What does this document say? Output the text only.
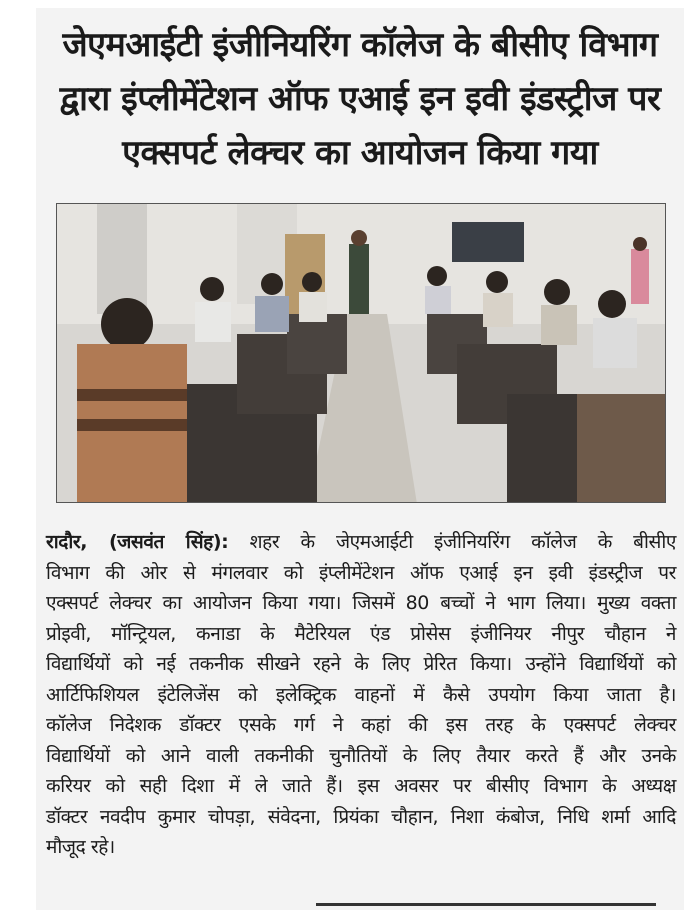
जेएमआईटी इंजीनियरिंग कॉलेज के बीसीए विभाग
द्वारा इंप्लीमेंटेशन ऑफ एआई इन इवी इंडस्ट्रीज पर
एक्सपर्ट लेक्चर का आयोजन किया गया
रादौर, (जसवंत सिंह): शहर के जेएमआईटी इंजीनियरिंग कॉलेज के बीसीए
विभाग की ओर से मंगलवार को इंप्लीमेंटेशन ऑफ एआई इन इवी इंडस्ट्रीज पर
एक्सपर्ट लेक्चर का आयोजन किया गया। जिसमें 80 बच्चों ने भाग लिया। मुख्य वक्ता
प्रोइवी, मॉन्ट्रियल, कनाडा के मैटेरियल एंड प्रोसेस इंजीनियर नीपुर चौहान ने
विद्यार्थियों को नई तकनीक सीखने रहने के लिए प्रेरित किया। उन्होंने विद्यार्थियों को
आर्टिफिशियल इंटेलिजेंस को इलेक्ट्रिक वाहनों में कैसे उपयोग किया जाता है।
कॉलेज निदेशक डॉक्टर एसके गर्ग ने कहां की इस तरह के एक्सपर्ट लेक्चर
विद्यार्थियों को आने वाली तकनीकी चुनौतियों के लिए तैयार करते हैं और उनके
करियर को सही दिशा में ले जाते हैं। इस अवसर पर बीसीए विभाग के अध्यक्ष
डॉक्टर नवदीप कुमार चोपड़ा, संवेदना, प्रियंका चौहान, निशा कंबोज, निधि शर्मा आदि
मौजूद रहे।
